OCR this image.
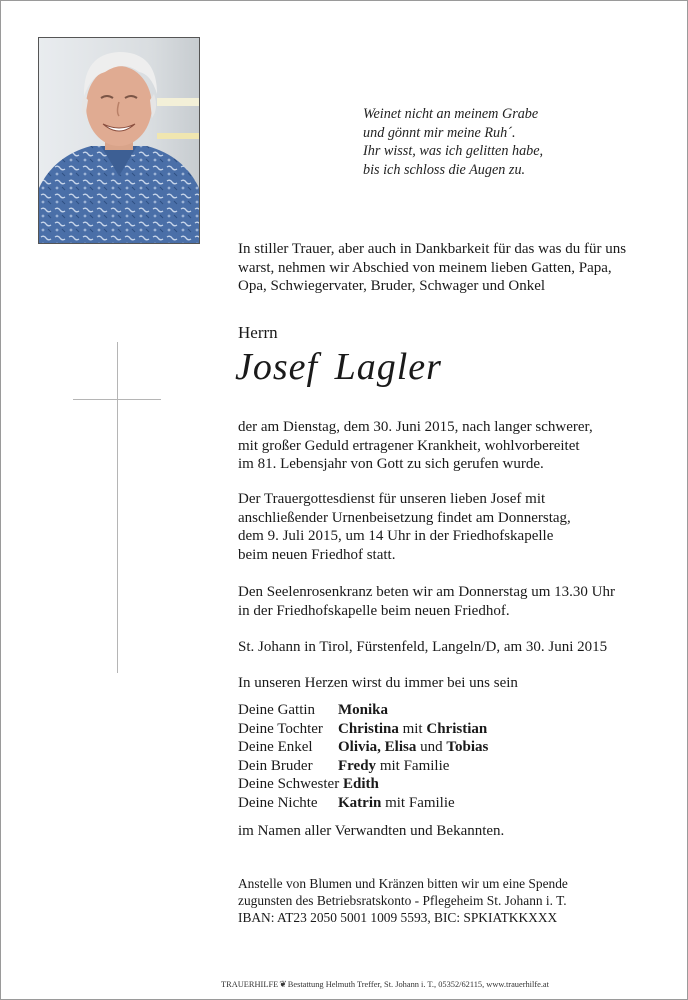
Weinet nicht an meinem Grabe
und gönnt mir meine Ruh´.
Ihr wisst, was ich gelitten habe,
bis ich schloss die Augen zu.
In stiller Trauer, aber auch in Dankbarkeit für das was du für uns
warst, nehmen wir Abschied von meinem lieben Gatten, Papa,
Opa, Schwiegervater, Bruder, Schwager und Onkel
Herrn
Josef Lagler
der am Dienstag, dem 30. Juni 2015, nach langer schwerer,
mit großer Geduld ertragener Krankheit, wohlvorbereitet
im 81. Lebensjahr von Gott zu sich gerufen wurde.
Der Trauergottesdienst für unseren lieben Josef mit
anschließender Urnenbeisetzung findet am Donnerstag,
dem 9. Juli 2015, um 14 Uhr in der Friedhofskapelle
beim neuen Friedhof statt.
Den Seelenrosenkranz beten wir am Donnerstag um 13.30 Uhr
in der Friedhofskapelle beim neuen Friedhof.
St. Johann in Tirol, Fürstenfeld, Langeln/D, am 30. Juni 2015
In unseren Herzen wirst du immer bei uns sein
Deine Gattin Monika
Deine Tochter Christina mit Christian
Deine Enkel Olivia, Elisa und Tobias
Dein Bruder Fredy mit Familie
Deine Schwester Edith
Deine Nichte Katrin mit Familie
im Namen aller Verwandten und Bekannten.
Anstelle von Blumen und Kränzen bitten wir um eine Spende
zugunsten des Betriebsratskonto - Pflegeheim St. Johann i. T.
IBAN: AT23 2050 5001 1009 5593, BIC: SPKIATKKXXX
TRAUERHILFE❦Bestattung Helmuth Treffer, St. Johann i. T., 05352/62115, www.trauerhilfe.at
